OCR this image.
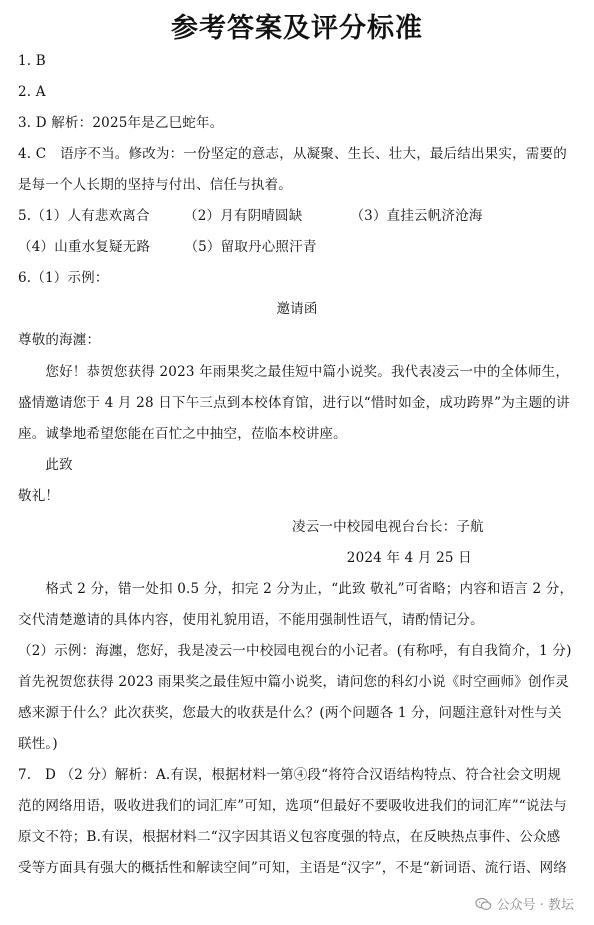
参考答案及评分标准
1. B
2. A
3. D 解析：2025年是乙巳蛇年。
4. C　语序不当。修改为：一份坚定的意志，从凝聚、生长、壮大，最后结出果实，需要的
是每一个人长期的坚持与付出、信任与执着。
5.（1）人有悲欢离合　　　（2）月有阴晴圆缺　　　　（3）直挂云帆济沧海
（4）山重水复疑无路　　　（5）留取丹心照汗青
6.（1）示例：
邀请函
尊敬的海瀍：
　　您好！恭贺您获得 2023 年雨果奖之最佳短中篇小说奖。我代表凌云一中的全体师生，
盛情邀请您于 4 月 28 日下午三点到本校体育馆，进行以“惜时如金，成功跨界”为主题的讲
座。诚挚地希望您能在百忙之中抽空，莅临本校讲座。
　　此致
敬礼！
　　　　　　　　　　　　　　　　　　　　凌云一中校园电视台台长：子航
　　　　　　　　　　　　　　　　　　　　　　　　2024 年 4 月 25 日
　　格式 2 分，错一处扣 0.5 分，扣完 2 分为止，“此致 敬礼”可省略；内容和语言 2 分，
交代清楚邀请的具体内容，使用礼貌用语，不能用强制性语气，请酌情记分。
（2）示例：海瀍，您好，我是凌云一中校园电视台的小记者。(有称呼，有自我简介，1 分)
首先祝贺您获得 2023 雨果奖之最佳短中篇小说奖，请问您的科幻小说《时空画师》创作灵
感来源于什么？此次获奖，您最大的收获是什么？(两个问题各 1 分，问题注意针对性与关
联性。)
7.　D （2 分）解析：A.有误，根据材料一第④段“将符合汉语结构特点、符合社会文明规
范的网络用语，吸收进我们的词汇库”可知，选项“但最好不要吸收进我们的词汇库”“说法与
原文不符；B.有误，根据材料二“汉字因其语义包容度强的特点，在反映热点事件、公众感
受等方面具有强大的概括性和解读空间”可知，主语是“汉字”，不是“新词语、流行语、网络
公众号 · 教坛
